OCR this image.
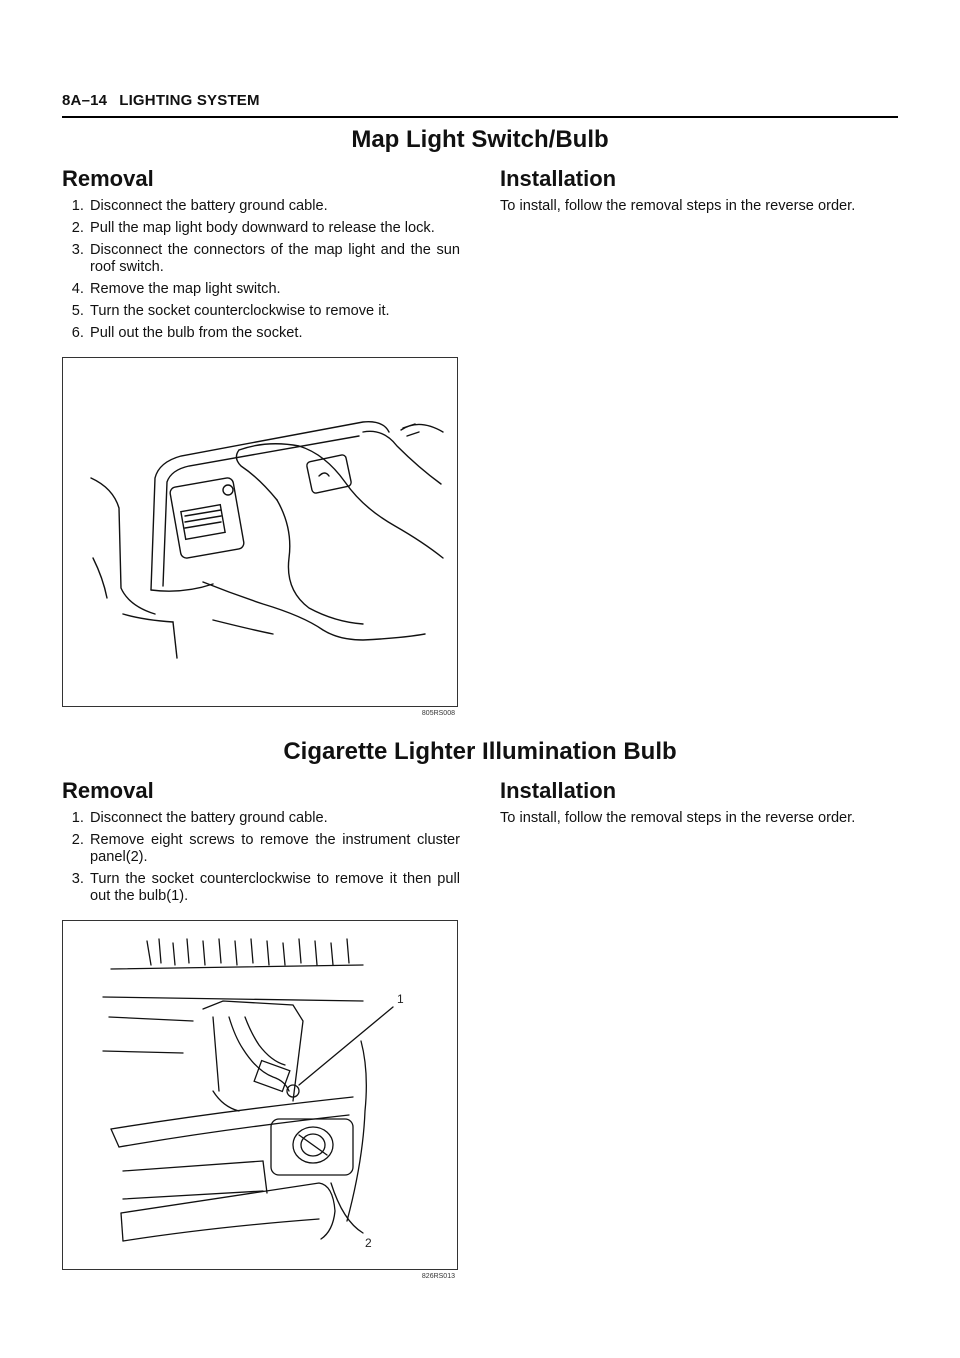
8A–14 LIGHTING SYSTEM
Map Light Switch/Bulb
Removal
1. Disconnect the battery ground cable.
2. Pull the map light body downward to release the lock.
3. Disconnect the connectors of the map light and the sun roof switch.
4. Remove the map light switch.
5. Turn the socket counterclockwise to remove it.
6. Pull out the bulb from the socket.
Installation

To install, follow the removal steps in the reverse order.

805RS008
Cigarette Lighter Illumination Bulb
Removal
1. Disconnect the battery ground cable.
2. Remove eight screws to remove the instrument cluster panel(2).
3. Turn the socket counterclockwise to remove it then pull out the bulb(1).
Installation

To install, follow the removal steps in the reverse order.

1
2
826RS013
